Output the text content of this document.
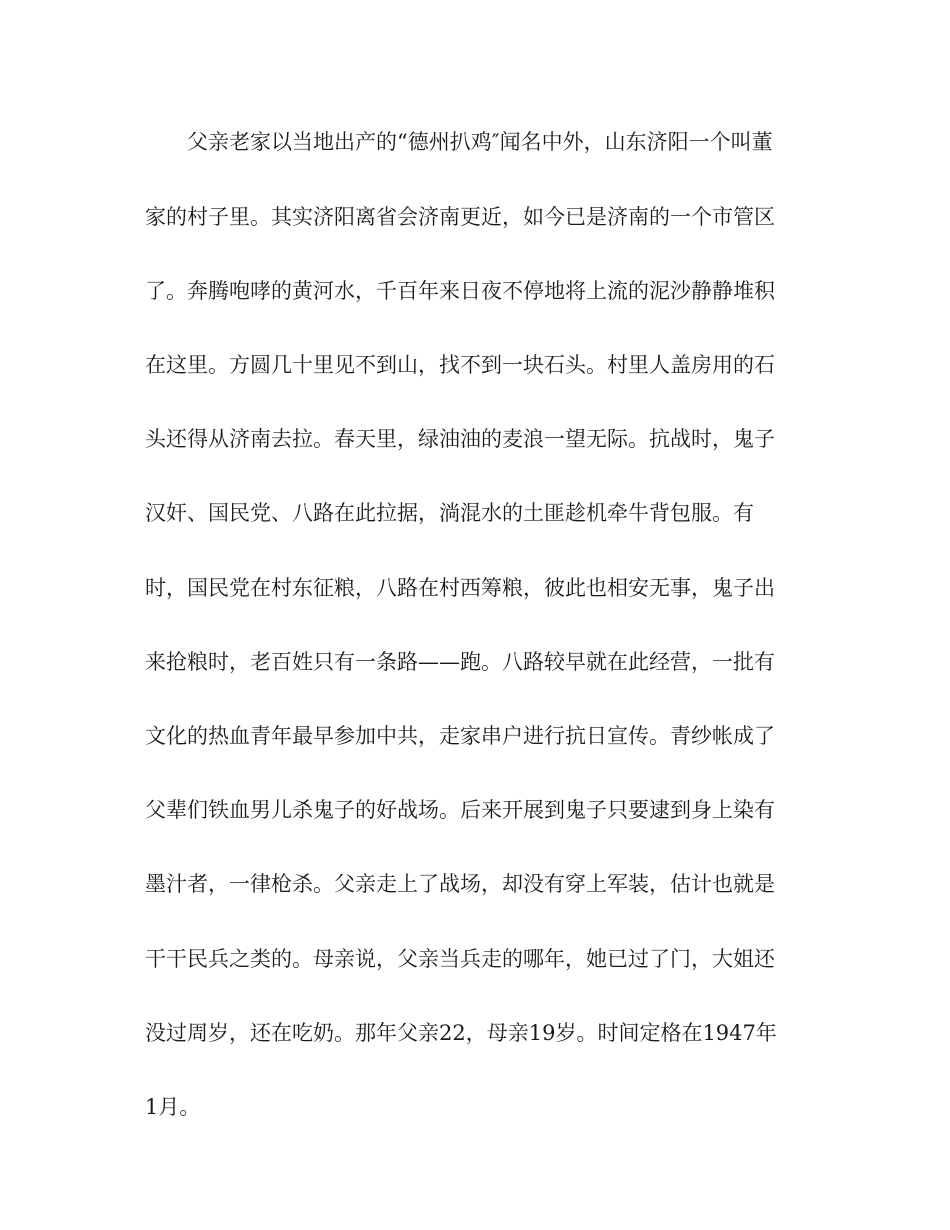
父亲老家以当地出产的“德州扒鸡″闻名中外，山东济阳一个叫董
家的村子里。其实济阳离省会济南更近，如今已是济南的一个市管区
了。奔腾咆哮的黄河水，千百年来日夜不停地将上流的泥沙静静堆积
在这里。方圆几十里见不到山，找不到一块石头。村里人盖房用的石
头还得从济南去拉。春天里，绿油油的麦浪一望无际。抗战时，鬼子
汉奸、国民党、八路在此拉据，淌混水的土匪趁机牵牛背包服。有
时，国民党在村东征粮，八路在村西筹粮，彼此也相安无事，鬼子出
来抢粮时，老百姓只有一条路——跑。八路较早就在此经营，一批有
文化的热血青年最早参加中共，走家串户进行抗日宣传。青纱帐成了
父辈们铁血男儿杀鬼子的好战场。后来开展到鬼子只要逮到身上染有
墨汁者，一律枪杀。父亲走上了战场，却没有穿上军装，估计也就是
干干民兵之类的。母亲说，父亲当兵走的哪年，她已过了门，大姐还
没过周岁，还在吃奶。那年父亲22，母亲19岁。时间定格在1947年
1月。
